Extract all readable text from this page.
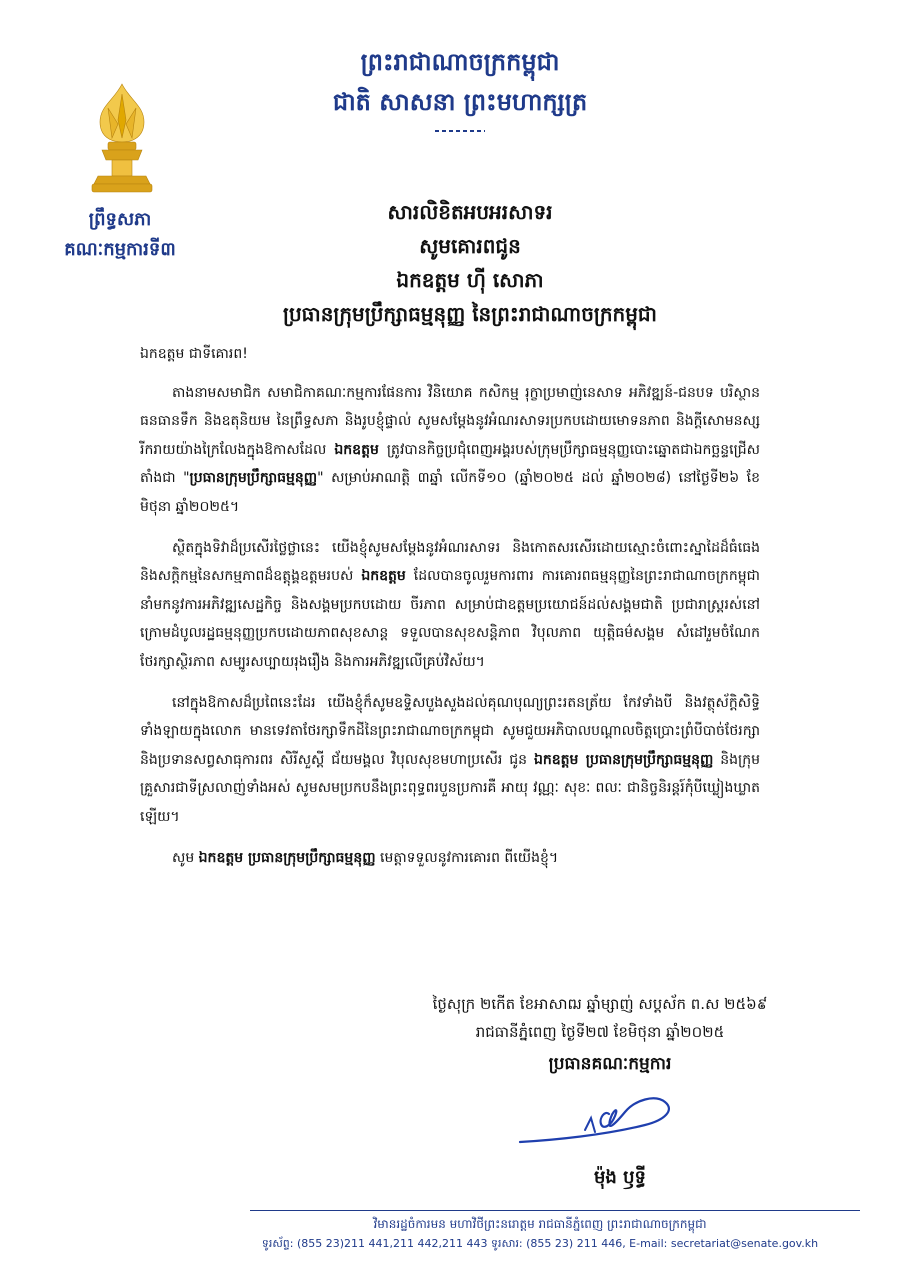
ព្រះរាជាណាចក្រកម្ពុជា
ជាតិ សាសនា ព្រះមហាក្សត្រ
ព្រឹទ្ធសភា
គណៈកម្មការទី៣
សារលិខិតអបអរសាទរ
សូមគោរពជូន
ឯកឧត្តម ហ៊ី សោភា
ប្រធានក្រុមប្រឹក្សាធម្មនុញ្ញ នៃព្រះរាជាណាចក្រកម្ពុជា

ឯកឧត្តម ជាទីគោរព!

តាងនាមសមាជិក សមាជិកាគណៈកម្មការផែនការ វិនិយោគ កសិកម្ម រុក្ខាប្រមាញ់នេសាទ អភិវឌ្ឍន៍-ជនបទ បរិស្ថាន ធនធានទឹក និងឧតុនិយម នៃព្រឹទ្ធសភា និងរូបខ្ញុំផ្ទាល់ សូមសម្ដែងនូវអំណរសាទរប្រកបដោយមោទនភាព និងក្ដីសោមនស្សរីករាយយ៉ាងក្រៃលែងក្នុងឱកាសដែល ឯកឧត្តម ត្រូវបានកិច្ចប្រជុំពេញអង្គរបស់ក្រុមប្រឹក្សាធម្មនុញ្ញបោះឆ្នោតជាឯកច្ឆន្ទជ្រើសតាំងជា "ប្រធានក្រុមប្រឹក្សាធម្មនុញ្ញ" សម្រាប់អាណត្តិ ៣ឆ្នាំ លើកទី១០ (ឆ្នាំ២០២៥ ដល់ ឆ្នាំ២០២៨) នៅថ្ងៃទី២៦ ខែមិថុនា ឆ្នាំ២០២៥។

ស្ថិតក្នុងទិវាដ៏ប្រសើរថ្លៃថ្លានេះ យើងខ្ញុំសូមសម្ដែងនូវអំណរសាទរ និងកោតសរសើរដោយស្មោះចំពោះស្នាដៃដ៏ធំធេង និងសក្ដិកម្មនៃសកម្មភាពដ៏ឧត្ដុង្គឧត្តមរបស់ ឯកឧត្តម ដែលបានចូលរួមការពារ ការគោរពធម្មនុញ្ញនៃព្រះរាជាណាចក្រកម្ពុជា នាំមកនូវការអភិវឌ្ឍសេដ្ឋកិច្ច និងសង្គមប្រកបដោយ ចីរភាព សម្រាប់ជាឧត្តមប្រយោជន៍ដល់សង្គមជាតិ ប្រជារាស្ត្ររស់នៅក្រោមដំបូលរដ្ឋធម្មនុញ្ញប្រកបដោយភាពសុខសាន្ត ទទួលបានសុខសន្តិភាព វិបុលភាព យុត្តិធម៌សង្គម សំដៅរួមចំណែកថែរក្សាស្ថិរភាព សម្បូរសប្បាយរុងរឿង និងការអភិវឌ្ឍលើគ្រប់វិស័យ។

នៅក្នុងឱកាសដ៏ប្រពៃនេះដែរ យើងខ្ញុំក៏សូមឧទ្ទិសបួងសួងដល់គុណបុណ្យព្រះរតនត្រ័យ កែវទាំងបី និងវត្ថុស័ក្តិសិទ្ធិទាំងឡាយក្នុងលោក មានទេវតាថែរក្សាទឹកដីនៃព្រះរាជាណាចក្រកម្ពុជា សូមជួយអភិបាលបណ្ដាលចិត្តប្រោះព្រំបីបាច់ថែរក្សា និងប្រទានសព្វសាធុការពរ សិរីសួស្តី ជ័យមង្គល វិបុលសុខមហាប្រសើរ ជូន ឯកឧត្តម ប្រធានក្រុមប្រឹក្សាធម្មនុញ្ញ និងក្រុមគ្រួសារជាទីស្រលាញ់ទាំងអស់ សូមសមប្រកបនឹងព្រះពុទ្ធពរបួនប្រការគឺ អាយុ វណ្ណៈ សុខៈ ពលៈ ជានិច្ចនិរន្តរ៍កុំបីឃ្លៀងឃ្លាតឡើយ។

សូម ឯកឧត្តម ប្រធានក្រុមប្រឹក្សាធម្មនុញ្ញ មេត្តាទទួលនូវការគោរព ពីយើងខ្ញុំ។

ថ្ងៃសុក្រ ២កើត ខែអាសាឍ ឆ្នាំម្សាញ់ សប្តស័ក ព.ស ២៥៦៩
រាជធានីភ្នំពេញ ថ្ងៃទី២៧ ខែមិថុនា ឆ្នាំ២០២៥
ប្រធានគណៈកម្មការ
ម៉ុង ឫទ្ធី
វិមានរដ្ឋចំការមន មហាវិថីព្រះនរោត្តម រាជធានីភ្នំពេញ ព្រះរាជាណាចក្រកម្ពុជា
ទូរស័ព្ទ: (855 23)211 441,211 442,211 443 ទូរសារ: (855 23) 211 446, E-mail: secretariat@senate.gov.kh
